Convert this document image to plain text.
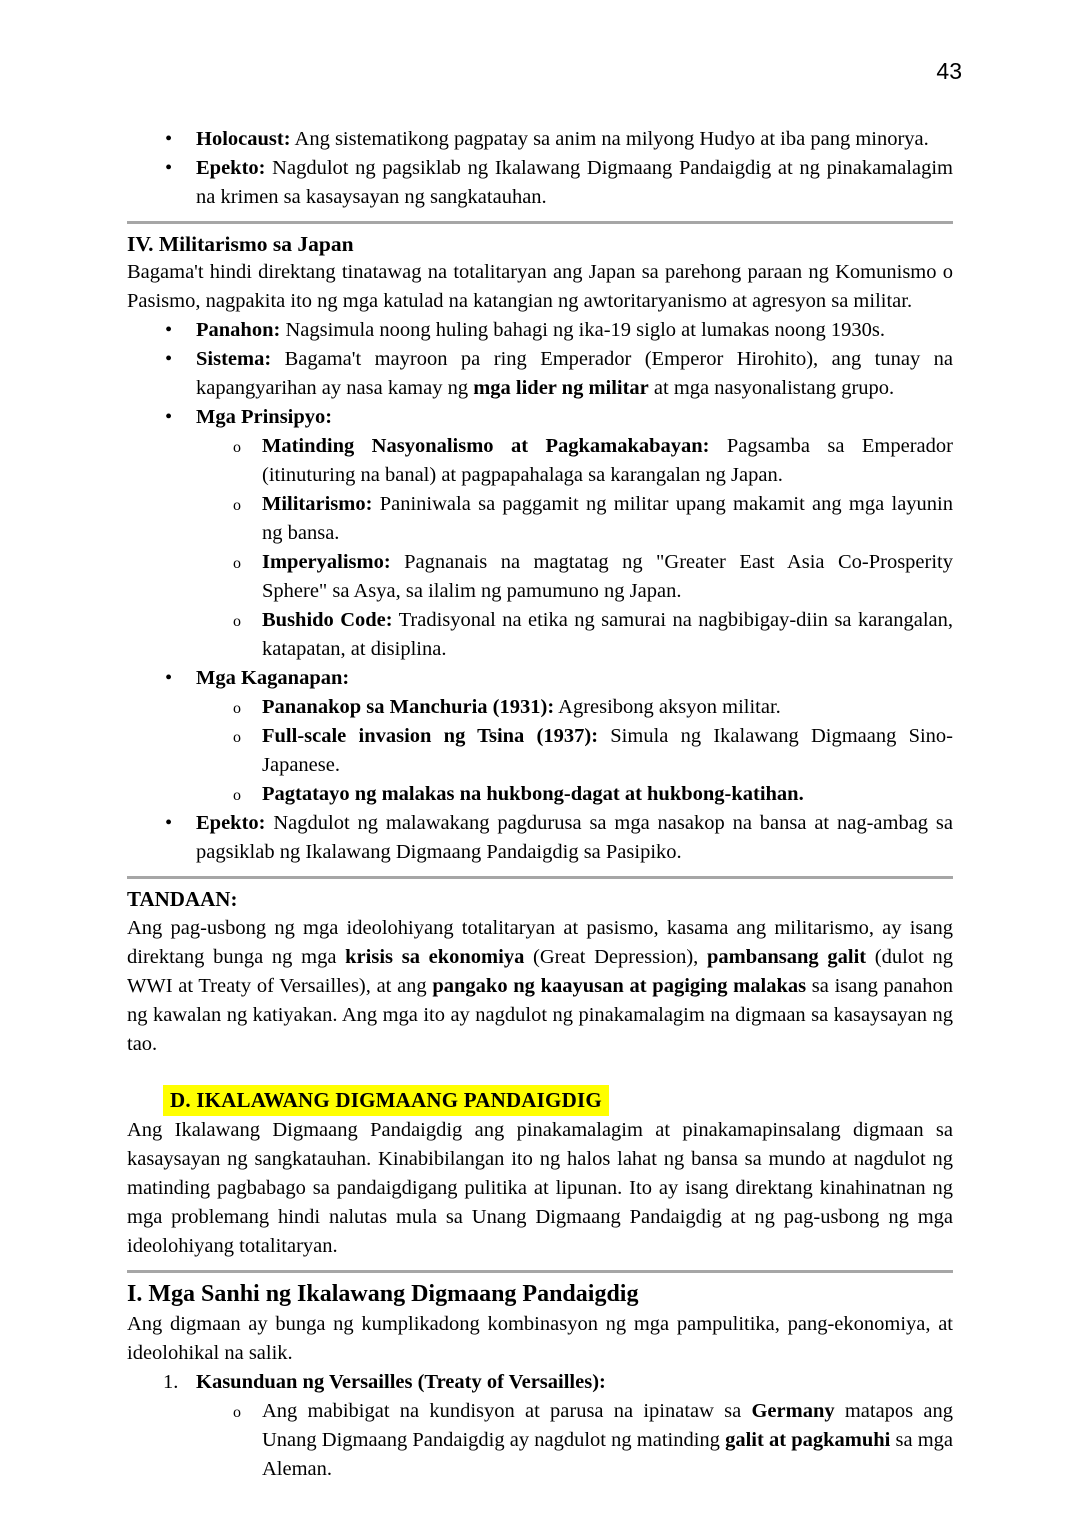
43
• Holocaust: Ang sistematikong pagpatay sa anim na milyong Hudyo at iba pang minorya.
• Epekto: Nagdulot ng pagsiklab ng Ikalawang Digmaang Pandaigdig at ng pinakamalagim na krimen sa kasaysayan ng sangkatauhan.
IV. Militarismo sa Japan

Bagama't hindi direktang tinatawag na totalitaryan ang Japan sa parehong paraan ng Komunismo o Pasismo, nagpakita ito ng mga katulad na katangian ng awtoritaryanismo at agresyon sa militar.

• Panahon: Nagsimula noong huling bahagi ng ika-19 siglo at lumakas noong 1930s.
• Sistema: Bagama't mayroon pa ring Emperador (Emperor Hirohito), ang tunay na kapangyarihan ay nasa kamay ng mga lider ng militar at mga nasyonalistang grupo.
• Mga Prinsipyo:
o Matinding Nasyonalismo at Pagkamakabayan: Pagsamba sa Emperador (itinuturing na banal) at pagpapahalaga sa karangalan ng Japan.
o Militarismo: Paniniwala sa paggamit ng militar upang makamit ang mga layunin ng bansa.
o Imperyalismo: Pagnanais na magtatag ng "Greater East Asia Co-Prosperity Sphere" sa Asya, sa ilalim ng pamumuno ng Japan.
o Bushido Code: Tradisyonal na etika ng samurai na nagbibigay-diin sa karangalan, katapatan, at disiplina.
• Mga Kaganapan:
o Pananakop sa Manchuria (1931): Agresibong aksyon militar.
o Full-scale invasion ng Tsina (1937): Simula ng Ikalawang Digmaang Sino-Japanese.
o Pagtatayo ng malakas na hukbong-dagat at hukbong-katihan.
• Epekto: Nagdulot ng malawakang pagdurusa sa mga nasakop na bansa at nag-ambag sa pagsiklab ng Ikalawang Digmaang Pandaigdig sa Pasipiko.
TANDAAN:

Ang pag-usbong ng mga ideolohiyang totalitaryan at pasismo, kasama ang militarismo, ay isang direktang bunga ng mga krisis sa ekonomiya (Great Depression), pambansang galit (dulot ng WWI at Treaty of Versailles), at ang pangako ng kaayusan at pagiging malakas sa isang panahon ng kawalan ng katiyakan. Ang mga ito ay nagdulot ng pinakamalagim na digmaan sa kasaysayan ng tao.

D. IKALAWANG DIGMAANG PANDAIGDIG

Ang Ikalawang Digmaang Pandaigdig ang pinakamalagim at pinakamapinsalang digmaan sa kasaysayan ng sangkatauhan. Kinabibilangan ito ng halos lahat ng bansa sa mundo at nagdulot ng matinding pagbabago sa pandaigdigang pulitika at lipunan. Ito ay isang direktang kinahinatnan ng mga problemang hindi nalutas mula sa Unang Digmaang Pandaigdig at ng pag-usbong ng mga ideolohiyang totalitaryan.

I. Mga Sanhi ng Ikalawang Digmaang Pandaigdig

Ang digmaan ay bunga ng kumplikadong kombinasyon ng mga pampulitika, pang-ekonomiya, at ideolohikal na salik.

1. Kasunduan ng Versailles (Treaty of Versailles):
o Ang mabibigat na kundisyon at parusa na ipinataw sa Germany matapos ang Unang Digmaang Pandaigdig ay nagdulot ng matinding galit at pagkamuhi sa mga Aleman.
